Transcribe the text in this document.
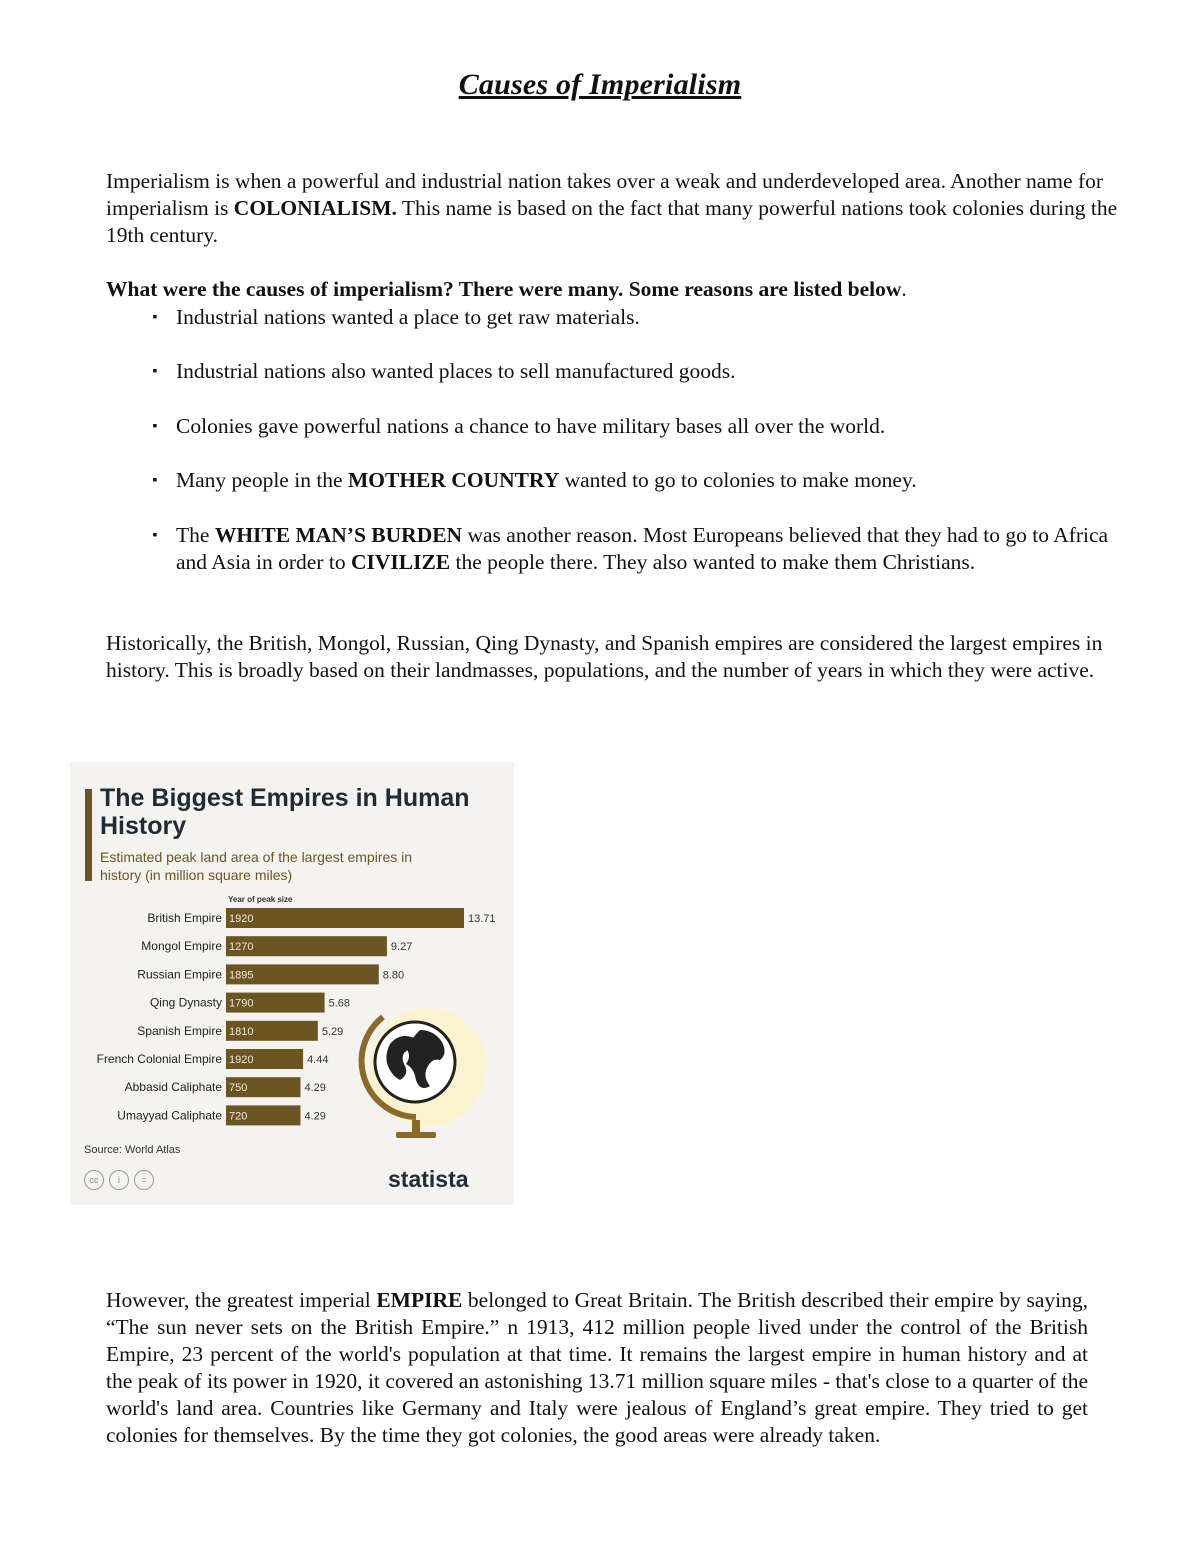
Causes of Imperialism
Imperialism is when a powerful and industrial nation takes over a weak and underdeveloped area. Another name for imperialism is COLONIALISM. This name is based on the fact that many powerful nations took colonies during the 19th century.
What were the causes of imperialism? There were many. Some reasons are listed below.
▪ Industrial nations wanted a place to get raw materials.
▪ Industrial nations also wanted places to sell manufactured goods.
▪ Colonies gave powerful nations a chance to have military bases all over the world.
▪ Many people in the MOTHER COUNTRY wanted to go to colonies to make money.
▪ The WHITE MAN’S BURDEN was another reason. Most Europeans believed that they had to go to Africa and Asia in order to CIVILIZE the people there. They also wanted to make them Christians.
Historically, the British, Mongol, Russian, Qing Dynasty, and Spanish empires are considered the largest empires in history. This is broadly based on their landmasses, populations, and the number of years in which they were active.
The Biggest Empires in Human History
Estimated peak land area of the largest empires in history (in million square miles)
Year of peak size
British Empire 1920	13.71
Mongol Empire 1270	9.27
Russian Empire 1895	8.80
Qing Dynasty 1790	5.68
Spanish Empire 1810	5.29
French Colonial Empire 1920	4.44
Abbasid Caliphate 750	4.29
Umayyad Caliphate 720	4.29
Source: World Atlas
cc i =	statista
However, the greatest imperial EMPIRE belonged to Great Britain. The British described their empire by saying, “The sun never sets on the British Empire.” n 1913, 412 million people lived under the control of the British Empire, 23 percent of the world's population at that time. It remains the largest empire in human history and at the peak of its power in 1920, it covered an astonishing 13.71 million square miles - that's close to a quarter of the world's land area. Countries like Germany and Italy were jealous of England’s great empire. They tried to get colonies for themselves. By the time they got colonies, the good areas were already taken.
